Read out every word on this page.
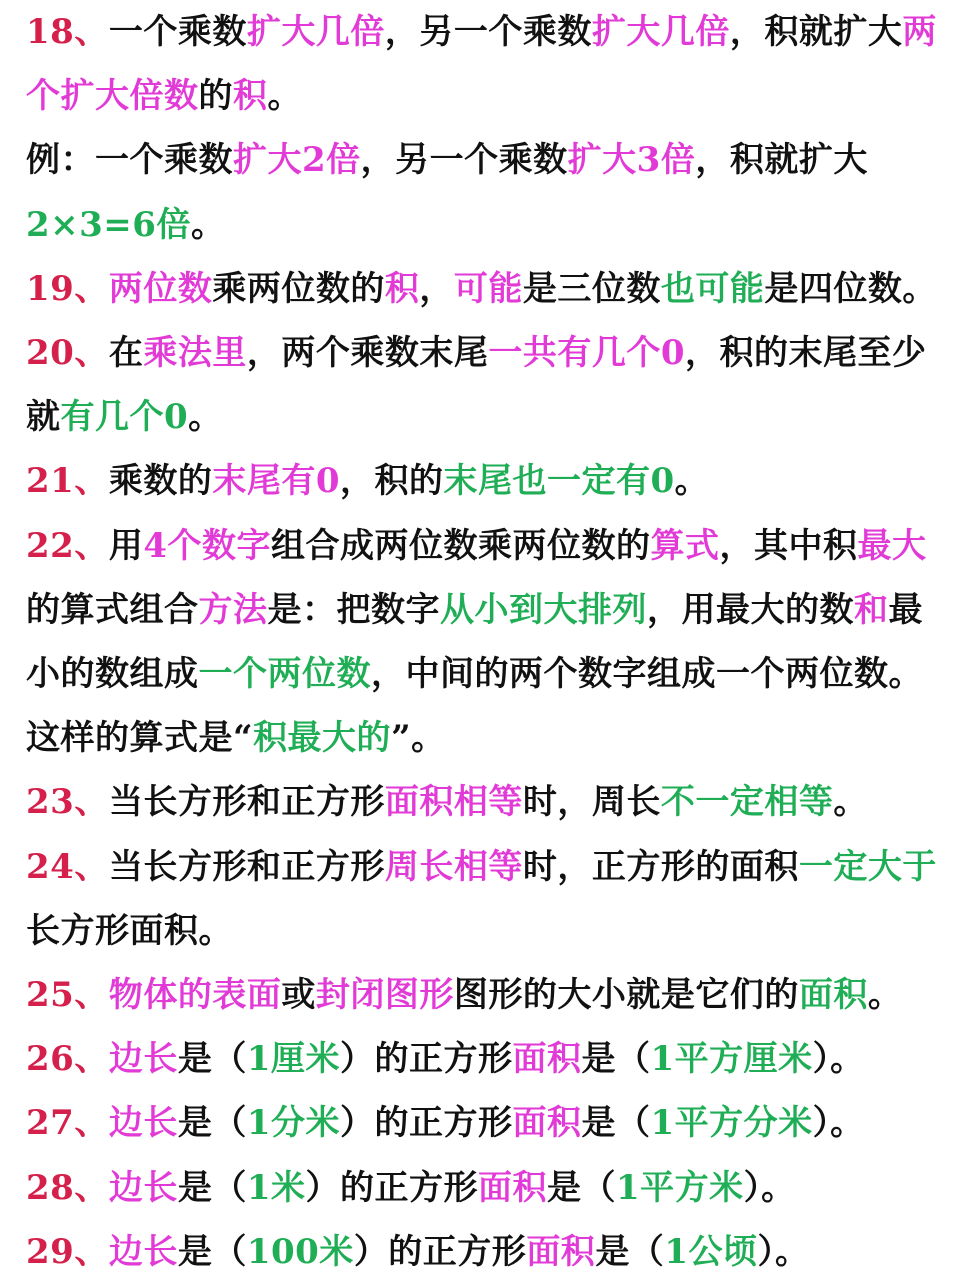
18、一个乘数扩大几倍，另一个乘数扩大几倍，积就扩大两
个扩大倍数的积。
例：一个乘数扩大2倍，另一个乘数扩大3倍，积就扩大
2×3=6倍。
19、两位数乘两位数的积，可能是三位数也可能是四位数。
20、在乘法里，两个乘数末尾一共有几个0，积的末尾至少
就有几个0。
21、乘数的末尾有0，积的末尾也一定有0。
22、用4个数字组合成两位数乘两位数的算式，其中积最大
的算式组合方法是：把数字从小到大排列，用最大的数和最
小的数组成一个两位数，中间的两个数字组成一个两位数。
这样的算式是“积最大的”。
23、当长方形和正方形面积相等时，周长不一定相等。
24、当长方形和正方形周长相等时，正方形的面积一定大于
长方形面积。
25、物体的表面或封闭图形图形的大小就是它们的面积。
26、边长是（1厘米）的正方形面积是（1平方厘米）。
27、边长是（1分米）的正方形面积是（1平方分米）。
28、边长是（1米）的正方形面积是（1平方米）。
29、边长是（100米）的正方形面积是（1公顷）。
